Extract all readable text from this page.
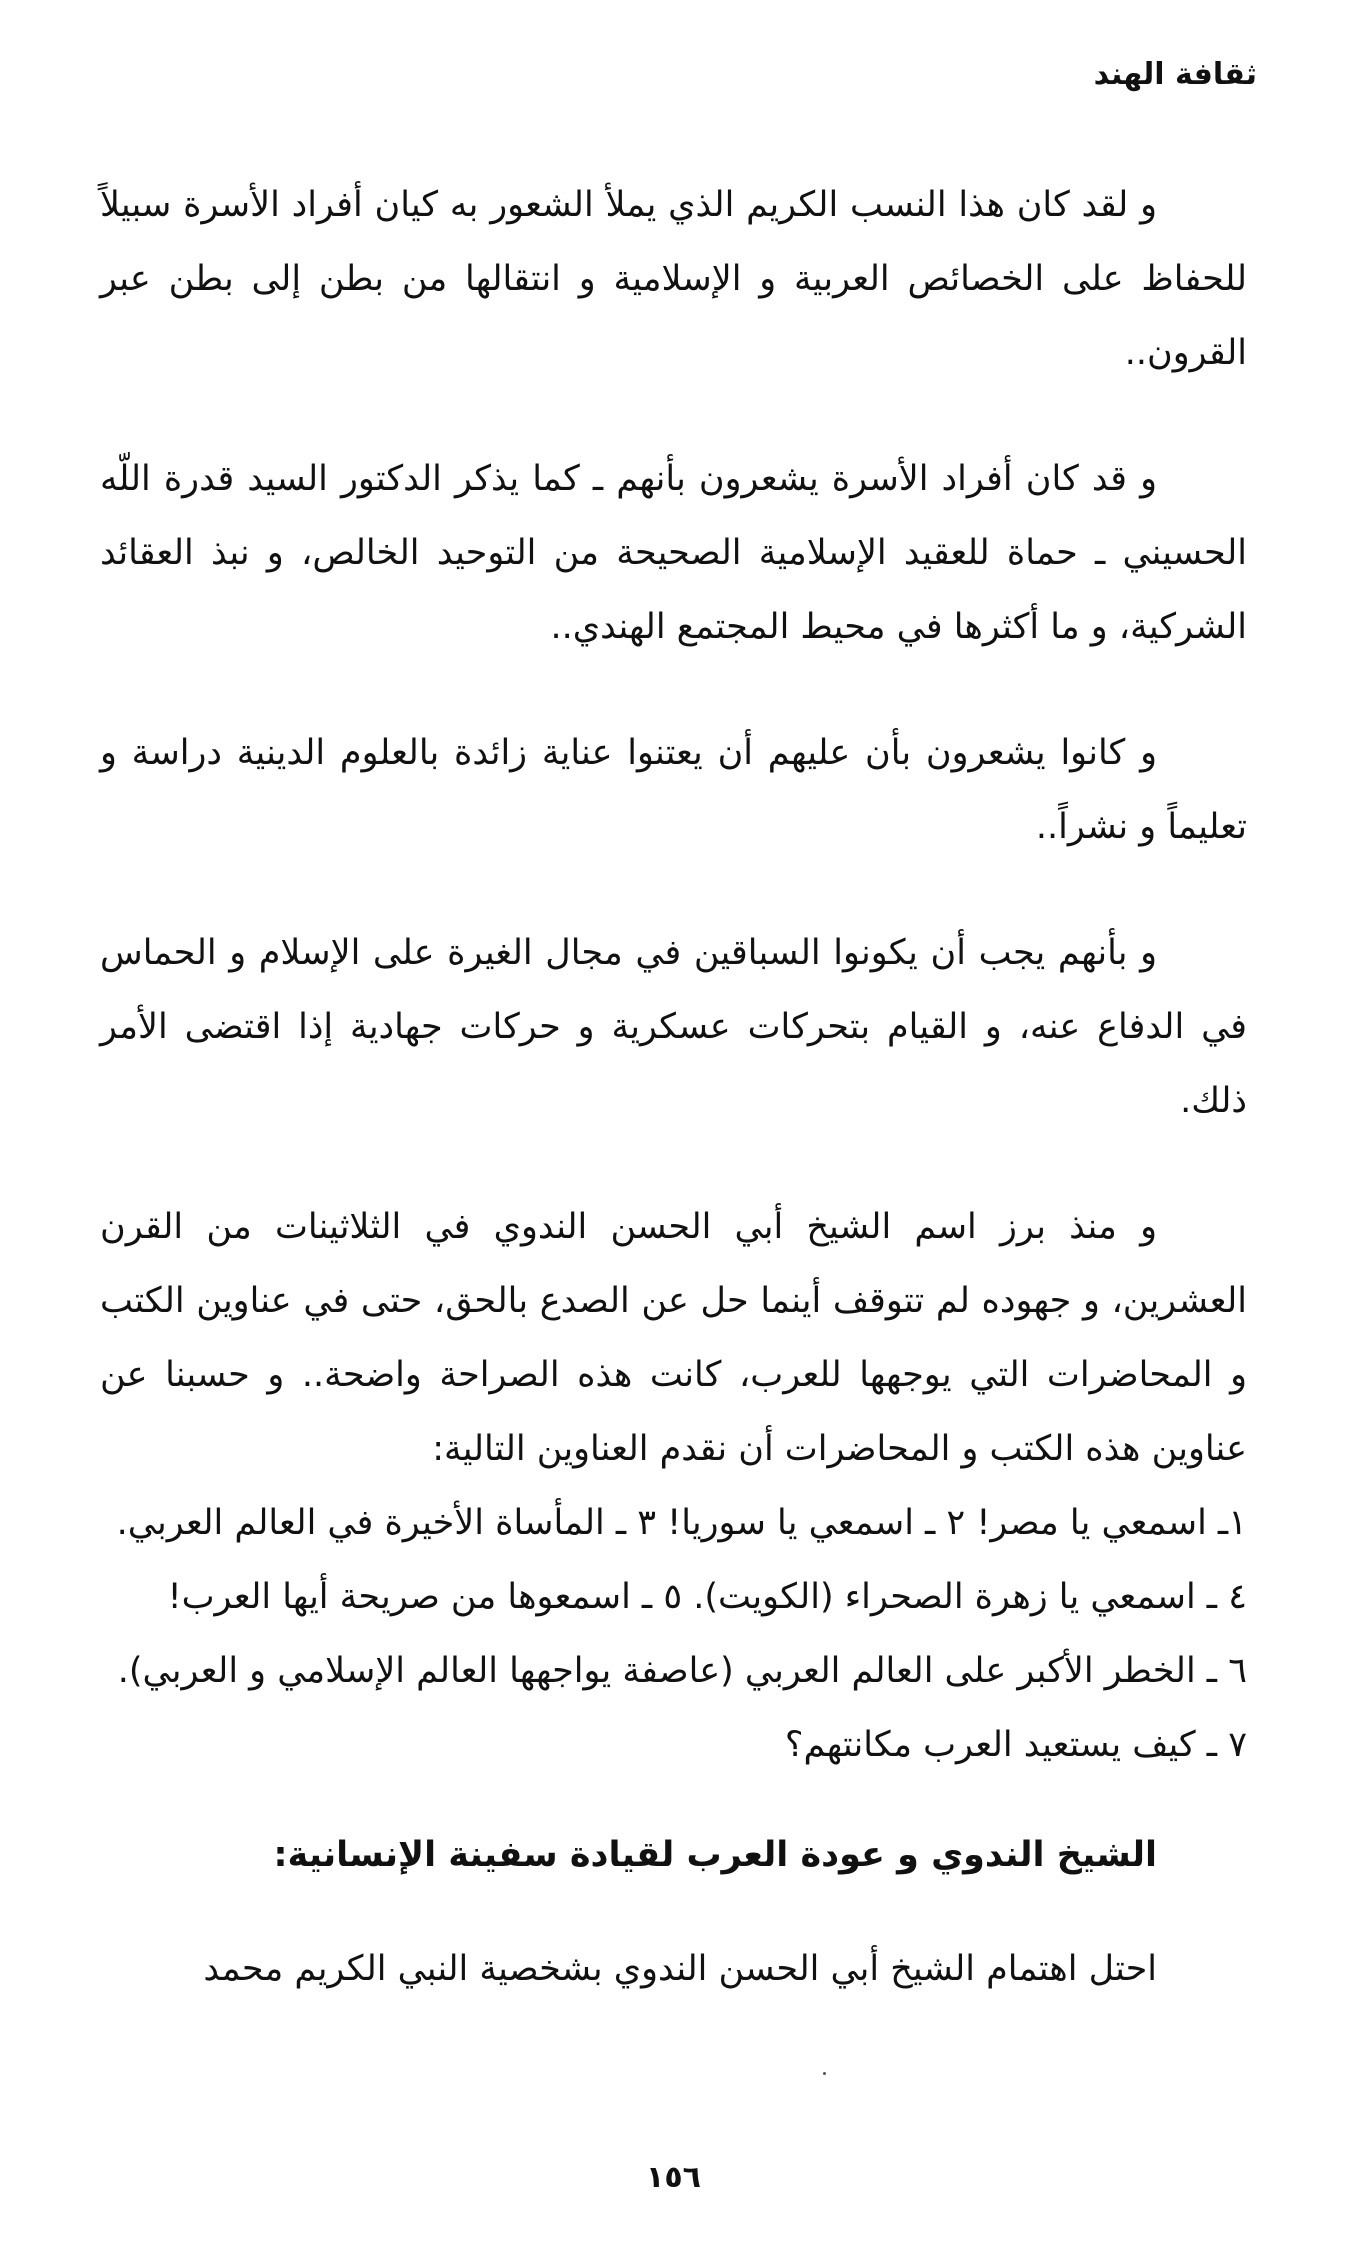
ثقافة الهند

و لقد كان هذا النسب الكريم الذي يملأ الشعور به كيان أفراد الأسرة سبيلاً للحفاظ على الخصائص العربية و الإسلامية و انتقالها من بطن إلى بطن عبر القرون..

و قد كان أفراد الأسرة يشعرون بأنهم ـ كما يذكر الدكتور السيد قدرة اللّه الحسيني ـ حماة للعقيد الإسلامية الصحيحة من التوحيد الخالص، و نبذ العقائد الشركية، و ما أكثرها في محيط المجتمع الهندي..

و كانوا يشعرون بأن عليهم أن يعتنوا عناية زائدة بالعلوم الدينية دراسة و تعليماً و نشراً..

و بأنهم يجب أن يكونوا السباقين في مجال الغيرة على الإسلام و الحماس في الدفاع عنه، و القيام بتحركات عسكرية و حركات جهادية إذا اقتضى الأمر ذلك.

و منذ برز اسم الشيخ أبي الحسن الندوي في الثلاثينات من القرن العشرين، و جهوده لم تتوقف أينما حل عن الصدع بالحق، حتى في عناوين الكتب و المحاضرات التي يوجهها للعرب، كانت هذه الصراحة واضحة.. و حسبنا عن عناوين هذه الكتب و المحاضرات أن نقدم العناوين التالية:

١ـ اسمعي يا مصر! ٢ ـ اسمعي يا سوريا! ٣ ـ المأساة الأخيرة في العالم العربي.

٤ ـ اسمعي يا زهرة الصحراء (الكويت). ٥ ـ اسمعوها من صريحة أيها العرب!

٦ ـ الخطر الأكبر على العالم العربي (عاصفة يواجهها العالم الإسلامي و العربي). ٧ ـ كيف يستعيد العرب مكانتهم؟

الشيخ الندوي و عودة العرب لقيادة سفينة الإنسانية:

احتل اهتمام الشيخ أبي الحسن الندوي بشخصية النبي الكريم محمد

١٥٦
